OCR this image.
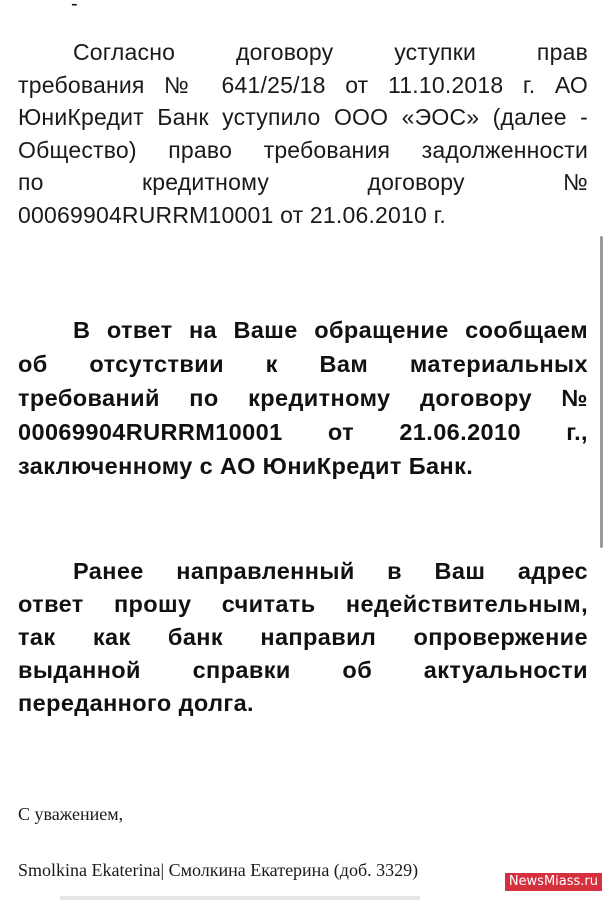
-
Согласно договору уступки прав
требования № 641/25/18 от 11.10.2018 г. АО
ЮниКредит Банк уступило ООО «ЭОС» (далее -
Общество) право требования задолженности
по кредитному договору №
00069904RURRM10001 от 21.06.2010 г.
В ответ на Ваше обращение сообщаем
об отсутствии к Вам материальных
требований по кредитному договору №
00069904RURRM10001 от 21.06.2010 г.,
заключенному с АО ЮниКредит Банк.
Ранее направленный в Ваш адрес
ответ прошу считать недействительным,
так как банк направил опровержение
выданной справки об актуальности
переданного долга.
С уважением,
Smolkina Ekaterina| Смолкина Екатерина (доб. 3329)
NewsMiass.ru
